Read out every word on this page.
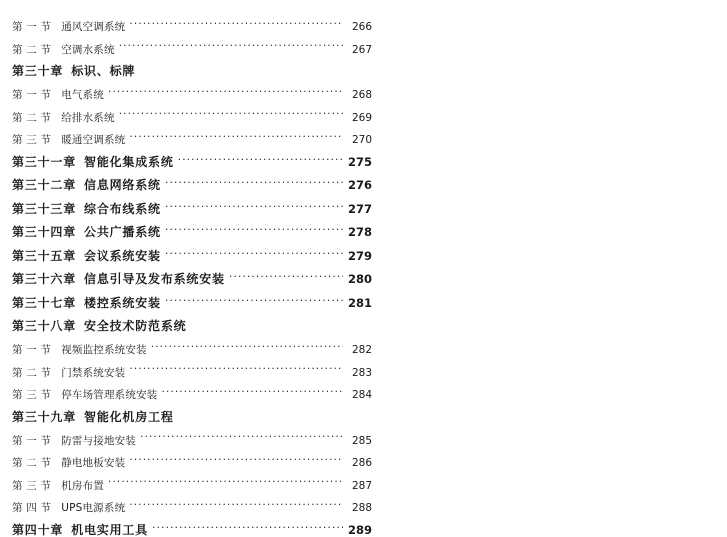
第 一 节 通风空调系统 ·····	266
第 二 节 空调水系统 ·····	267
第三十章 标识、标牌
第 一 节 电气系统 ·····	268
第 二 节 给排水系统 ·····	269
第 三 节 暖通空调系统 ·····	270
第三十一章 智能化集成系统 ·····	275
第三十二章 信息网络系统 ·····	276
第三十三章 综合布线系统 ·····	277
第三十四章 公共广播系统 ·····	278
第三十五章 会议系统安装 ·····	279
第三十六章 信息引导及发布系统安装 ·····	280
第三十七章 楼控系统安装 ·····	281
第三十八章 安全技术防范系统
第 一 节 视频监控系统安装 ·····	282
第 二 节 门禁系统安装 ·····	283
第 三 节 停车场管理系统安装 ·····	284
第三十九章 智能化机房工程
第 一 节 防雷与接地安装 ·····	285
第 二 节 静电地板安装 ·····	286
第 三 节 机房布置 ·····	287
第 四 节 UPS电源系统 ·····	288
第四十章 机电实用工具 ·····	289
